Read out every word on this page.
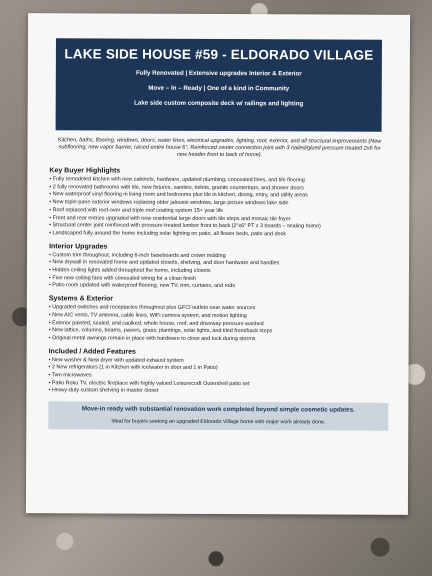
LAKE SIDE HOUSE #59 - ELDORADO VILLAGE
Fully Renovated | Extensive upgrades Interior & Exterior
Move – In – Ready | One of a kind in Community
Lake side custom composite deck w/ railings and lighting
Kitchen, baths, flooring, windows, doors, water lines, electrical upgrades, lighting, roof, exterior, and all structural improvements (New subflooring, new vapor barrier, raised entire house 6", Reinforced center connection joint with 3 nailed/glued pressure treated 2x6 for new header front to back of home).
Key Buyer Highlights
• Fully remodeled kitchen with new cabinets, hardware, updated plumbing, concealed lines, and tile flooring
• 2 fully renovated bathrooms with tile, new fixtures, vanities, toilets, granite countertops, and shower doors
• New waterproof vinyl flooring in living room and bedrooms plus tile in kitchen, dining, entry, and utility areas
• New triple-pane exterior windows replacing older jalousie windows, large picture windows lake side
• Roof replaced with roof-over and triple roof coating system 15+ year life
• Front and rear entries upgraded with new residential large doors with tile steps and mosaic tile foyer
• Structural center joint reinforced with pressure-treated lumber front to back (2"x6" PT x 3 boards – sealing home)
• Landscaped fully around the home including solar lighting on patio, all flower beds, patio and deck
Interior Upgrades
• Custom trim throughout, including 6-inch baseboards and crown molding
• New drywall in renovated home and updated closets, shelving, and door hardware and handles
• Hidden ceiling lights added throughout the home, including closets
• Five new ceiling fans with concealed wiring for a clean finish
• Patio room updated with waterproof flooring, new TV, trim, curtains, and rods
Systems & Exterior
• Upgraded switches and receptacles throughout plus GFCI outlets near water sources
• New A/C vents, TV antenna, cable lines, WiFi camera system, and motion lighting
• Exterior painted, sealed, and caulked; whole house, roof, and driveway pressure washed
• New lattice, columns, beams, pavers, grass, plantings, solar lights, and tiled front/back steps
• Original metal awnings remain in place with hardware to close and lock during storms
Included / Added Features
• New washer & New dryer with updated exhaust system
• 2 New refrigerators (1 in Kitchen with ice/water in door and 1 in Patio)
• Two microwaves
• Patio Roku TV, electric fireplace with highly valued Leisurecraft Outershell patio set
• Heavy-duty custom shelving in master closet
Move-in ready with substantial renovation work completed beyond simple cosmetic updates.
Ideal for buyers seeking an upgraded Eldorado Village home with major work already done.
